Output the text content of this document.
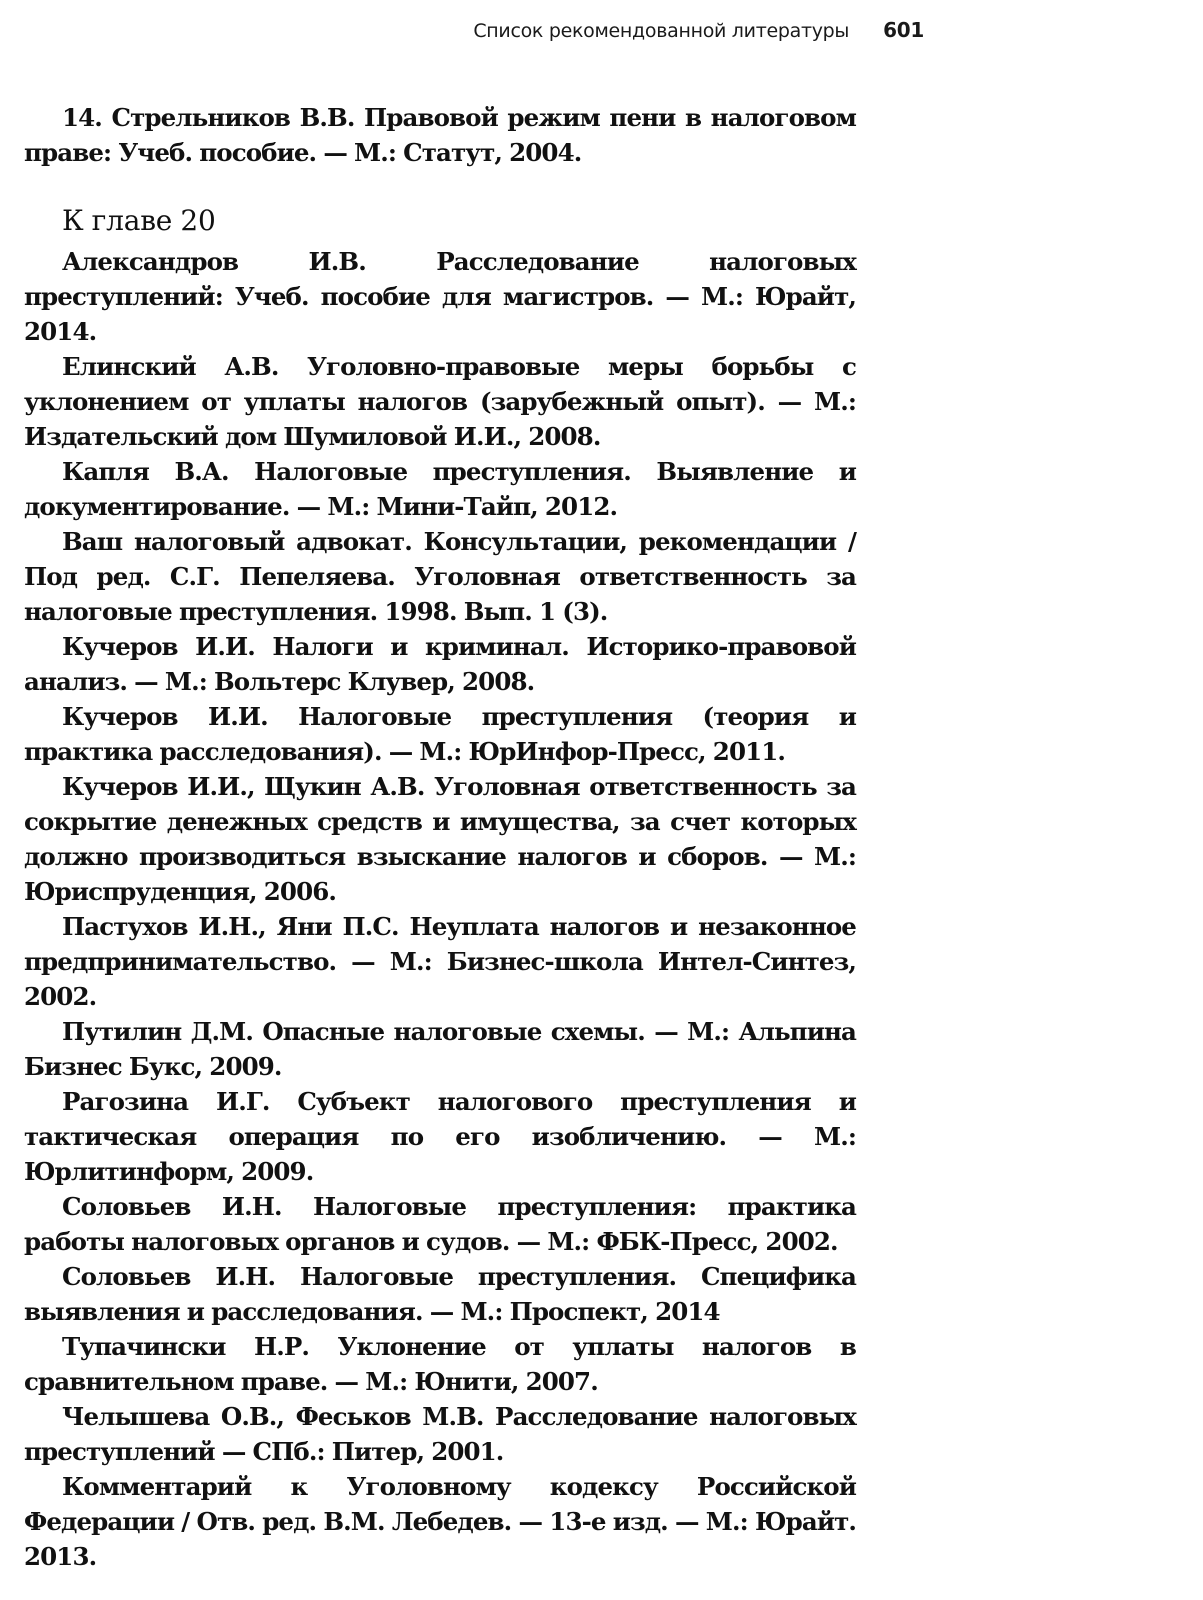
Список рекомендованной литературы 601

14. Стрельников В.В. Правовой режим пени в налоговом праве: Учеб. пособие. — М.: Статут, 2004.

К главе 20

Александров И.В. Расследование налоговых преступлений: Учеб. пособие для магистров. — М.: Юрайт, 2014.

Елинский А.В. Уголовно-правовые меры борьбы с уклонением от уплаты налогов (зарубежный опыт). — М.: Издательский дом Шумиловой И.И., 2008.

Капля В.А. Налоговые преступления. Выявление и документирование. — М.: Мини-Тайп, 2012.

Ваш налоговый адвокат. Консультации, рекомендации / Под ред. С.Г. Пепеляева. Уголовная ответственность за налоговые преступления. 1998. Вып. 1 (3).

Кучеров И.И. Налоги и криминал. Историко-правовой анализ. — М.: Вольтерс Клувер, 2008.

Кучеров И.И. Налоговые преступления (теория и практика расследования). — М.: ЮрИнфор-Пресс, 2011.

Кучеров И.И., Щукин А.В. Уголовная ответственность за сокрытие денежных средств и имущества, за счет которых должно производиться взыскание налогов и сборов. — М.: Юриспруденция, 2006.

Пастухов И.Н., Яни П.С. Неуплата налогов и незаконное предпринимательство. — М.: Бизнес-школа Интел-Синтез, 2002.

Путилин Д.М. Опасные налоговые схемы. — М.: Альпина Бизнес Букс, 2009.

Рагозина И.Г. Субъект налогового преступления и тактическая операция по его изобличению. — М.: Юрлитинформ, 2009.

Соловьев И.Н. Налоговые преступления: практика работы налоговых органов и судов. — М.: ФБК-Пресс, 2002.

Соловьев И.Н. Налоговые преступления. Специфика выявления и расследования. — М.: Проспект, 2014

Тупачински Н.Р. Уклонение от уплаты налогов в сравнительном праве. — М.: Юнити, 2007.

Челышева О.В., Феськов М.В. Расследование налоговых преступлений — СПб.: Питер, 2001.

Комментарий к Уголовному кодексу Российской Федерации / Отв. ред. В.М. Лебедев. — 13-е изд. — М.: Юрайт. 2013.
